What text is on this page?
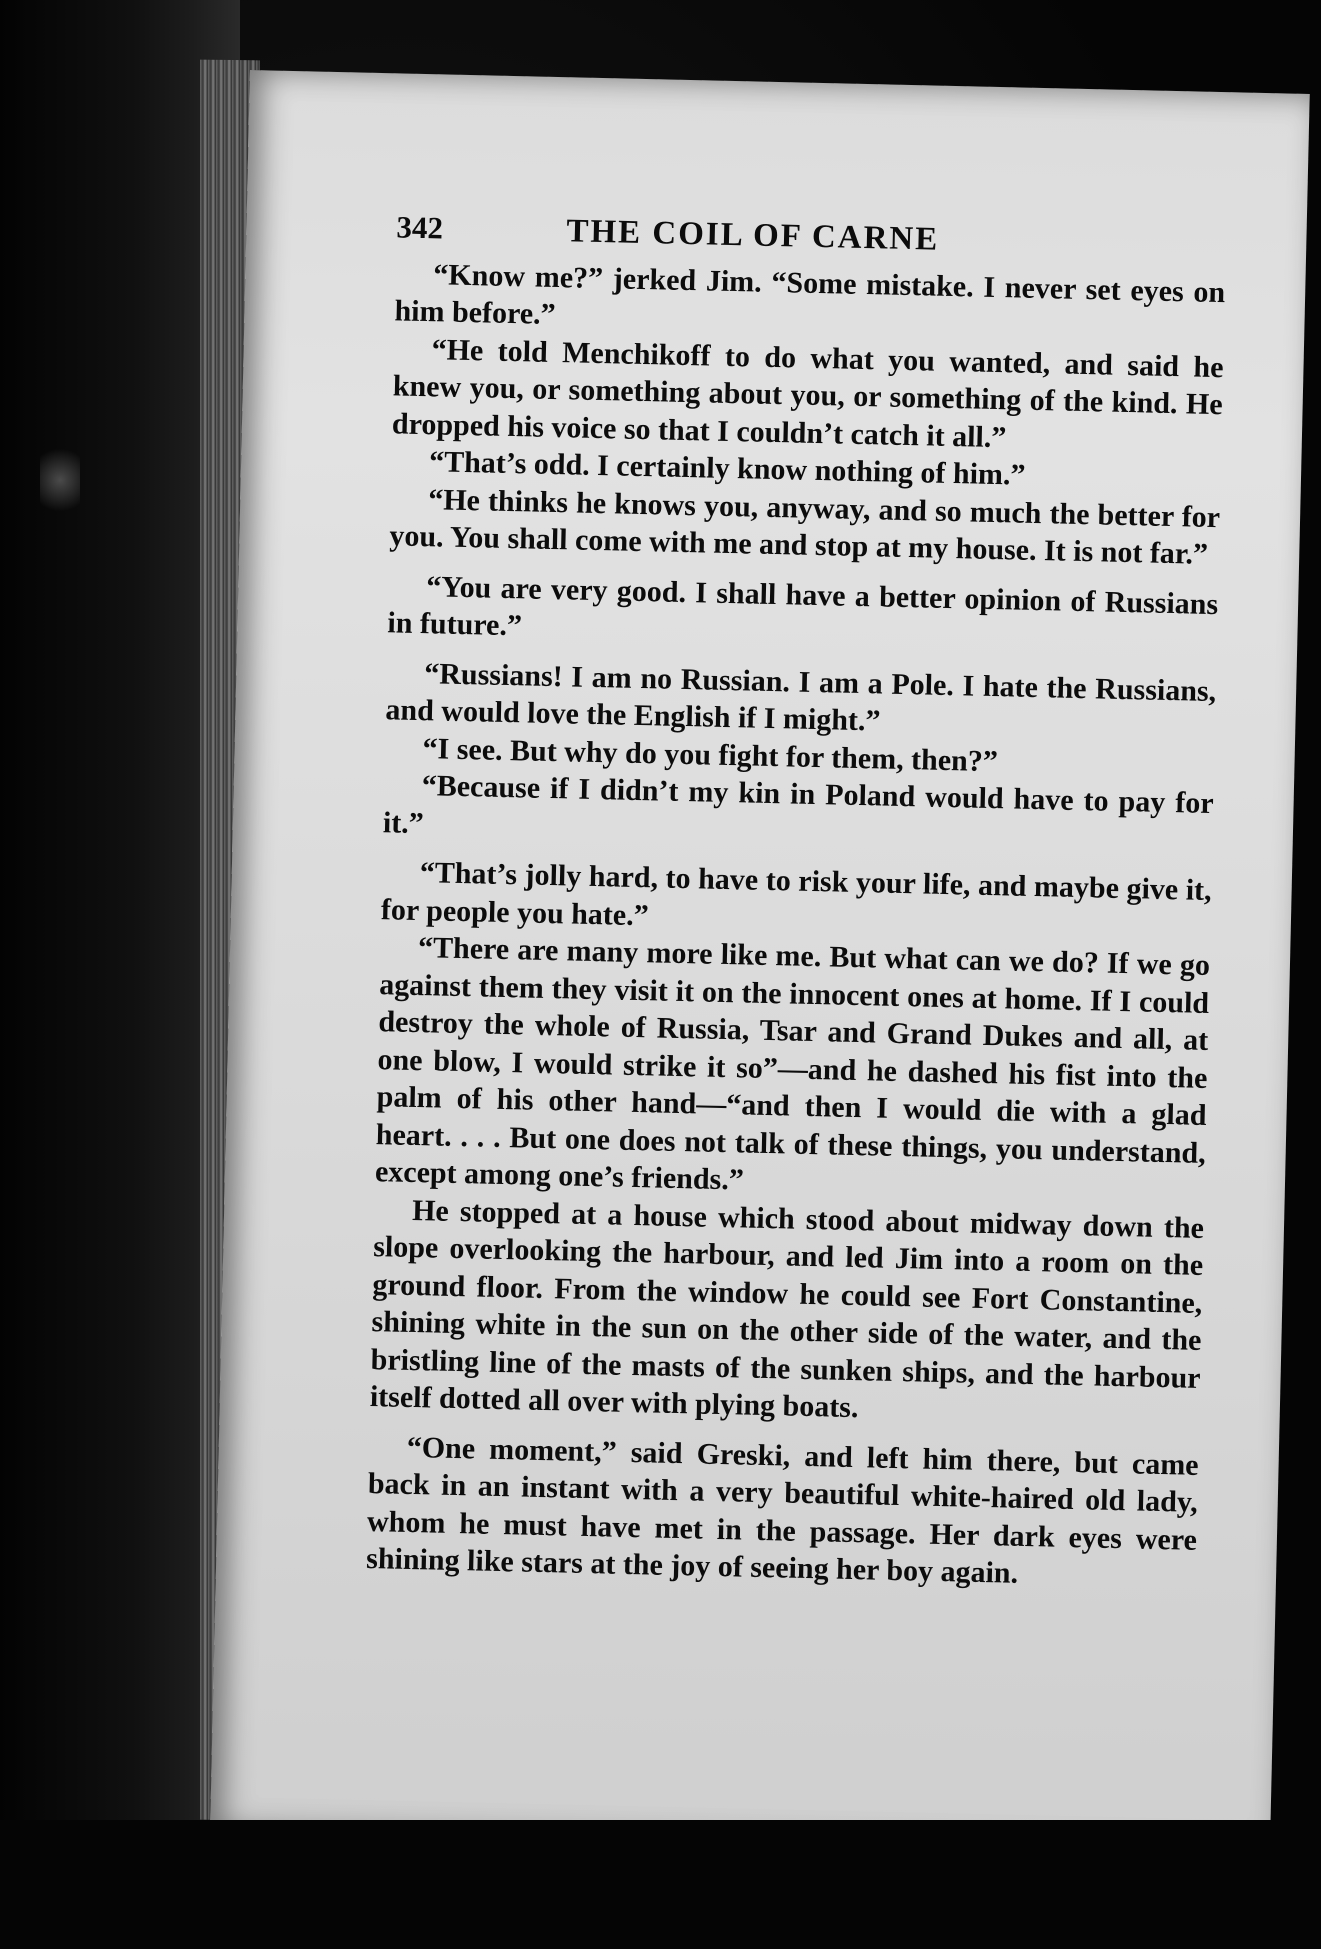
342	THE COIL OF CARNE

“Know me?” jerked Jim. “Some mistake. I never set eyes on him before.”

“He told Menchikoff to do what you wanted, and said he knew you, or something about you, or something of the kind. He dropped his voice so that I couldn’t catch it all.”

“That’s odd. I certainly know nothing of him.”

“He thinks he knows you, anyway, and so much the better for you. You shall come with me and stop at my house. It is not far.”

“You are very good. I shall have a better opinion of Russians in future.”

“Russians! I am no Russian. I am a Pole. I hate the Russians, and would love the English if I might.”

“I see. But why do you fight for them, then?”

“Because if I didn’t my kin in Poland would have to pay for it.”

“That’s jolly hard, to have to risk your life, and maybe give it, for people you hate.”

“There are many more like me. But what can we do? If we go against them they visit it on the innocent ones at home. If I could destroy the whole of Russia, Tsar and Grand Dukes and all, at one blow, I would strike it so”—and he dashed his fist into the palm of his other hand—“and then I would die with a glad heart. . . . But one does not talk of these things, you understand, except among one’s friends.”

He stopped at a house which stood about midway down the slope overlooking the harbour, and led Jim into a room on the ground floor. From the window he could see Fort Constantine, shining white in the sun on the other side of the water, and the bristling line of the masts of the sunken ships, and the harbour itself dotted all over with plying boats.

“One moment,” said Greski, and left him there, but came back in an instant with a very beautiful white-haired old lady, whom he must have met in the passage. Her dark eyes were shining like stars at the joy of seeing her boy again.
